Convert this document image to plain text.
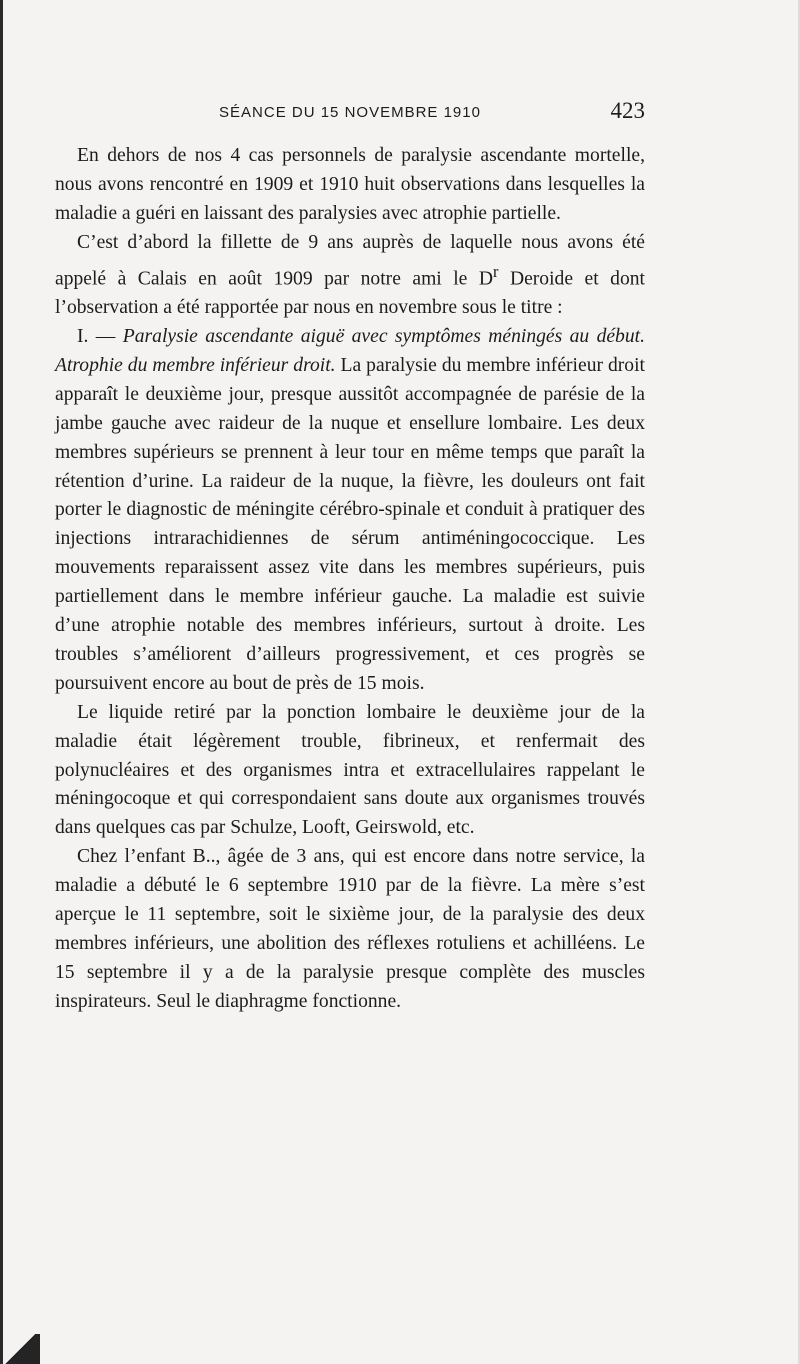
SÉANCE DU 15 NOVEMBRE 1910	423

En dehors de nos 4 cas personnels de paralysie ascendante mortelle, nous avons rencontré en 1909 et 1910 huit observations dans lesquelles la maladie a guéri en laissant des paralysies avec atrophie partielle.

C’est d’abord la fillette de 9 ans auprès de laquelle nous avons été appelé à Calais en août 1909 par notre ami le $D^r$ Deroide et dont l’observation a été rapportée par nous en novembre sous le titre :

I. — Paralysie ascendante aiguë avec symptômes méningés au début. Atrophie du membre inférieur droit. La paralysie du membre inférieur droit apparaît le deuxième jour, presque aussitôt accompagnée de parésie de la jambe gauche avec raideur de la nuque et ensellure lombaire. Les deux membres supérieurs se prennent à leur tour en même temps que paraît la rétention d’urine. La raideur de la nuque, la fièvre, les douleurs ont fait porter le diagnostic de méningite cérébro-spinale et conduit à pratiquer des injections intrarachidiennes de sérum antiméningococcique. Les mouvements reparaissent assez vite dans les membres supérieurs, puis partiellement dans le membre inférieur gauche. La maladie est suivie d’une atrophie notable des membres inférieurs, surtout à droite. Les troubles s’améliorent d’ailleurs progressivement, et ces progrès se poursuivent encore au bout de près de 15 mois.

Le liquide retiré par la ponction lombaire le deuxième jour de la maladie était légèrement trouble, fibrineux, et renfermait des polynucléaires et des organismes intra et extracellulaires rappelant le méningocoque et qui correspondaient sans doute aux organismes trouvés dans quelques cas par Schulze, Looft, Geirswold, etc.

Chez l’enfant B.., âgée de 3 ans, qui est encore dans notre service, la maladie a débuté le 6 septembre 1910 par de la fièvre. La mère s’est aperçue le 11 septembre, soit le sixième jour, de la paralysie des deux membres inférieurs, une abolition des réflexes rotuliens et achilléens. Le 15 septembre il y a de la paralysie presque complète des muscles inspirateurs. Seul le diaphragme fonctionne.
